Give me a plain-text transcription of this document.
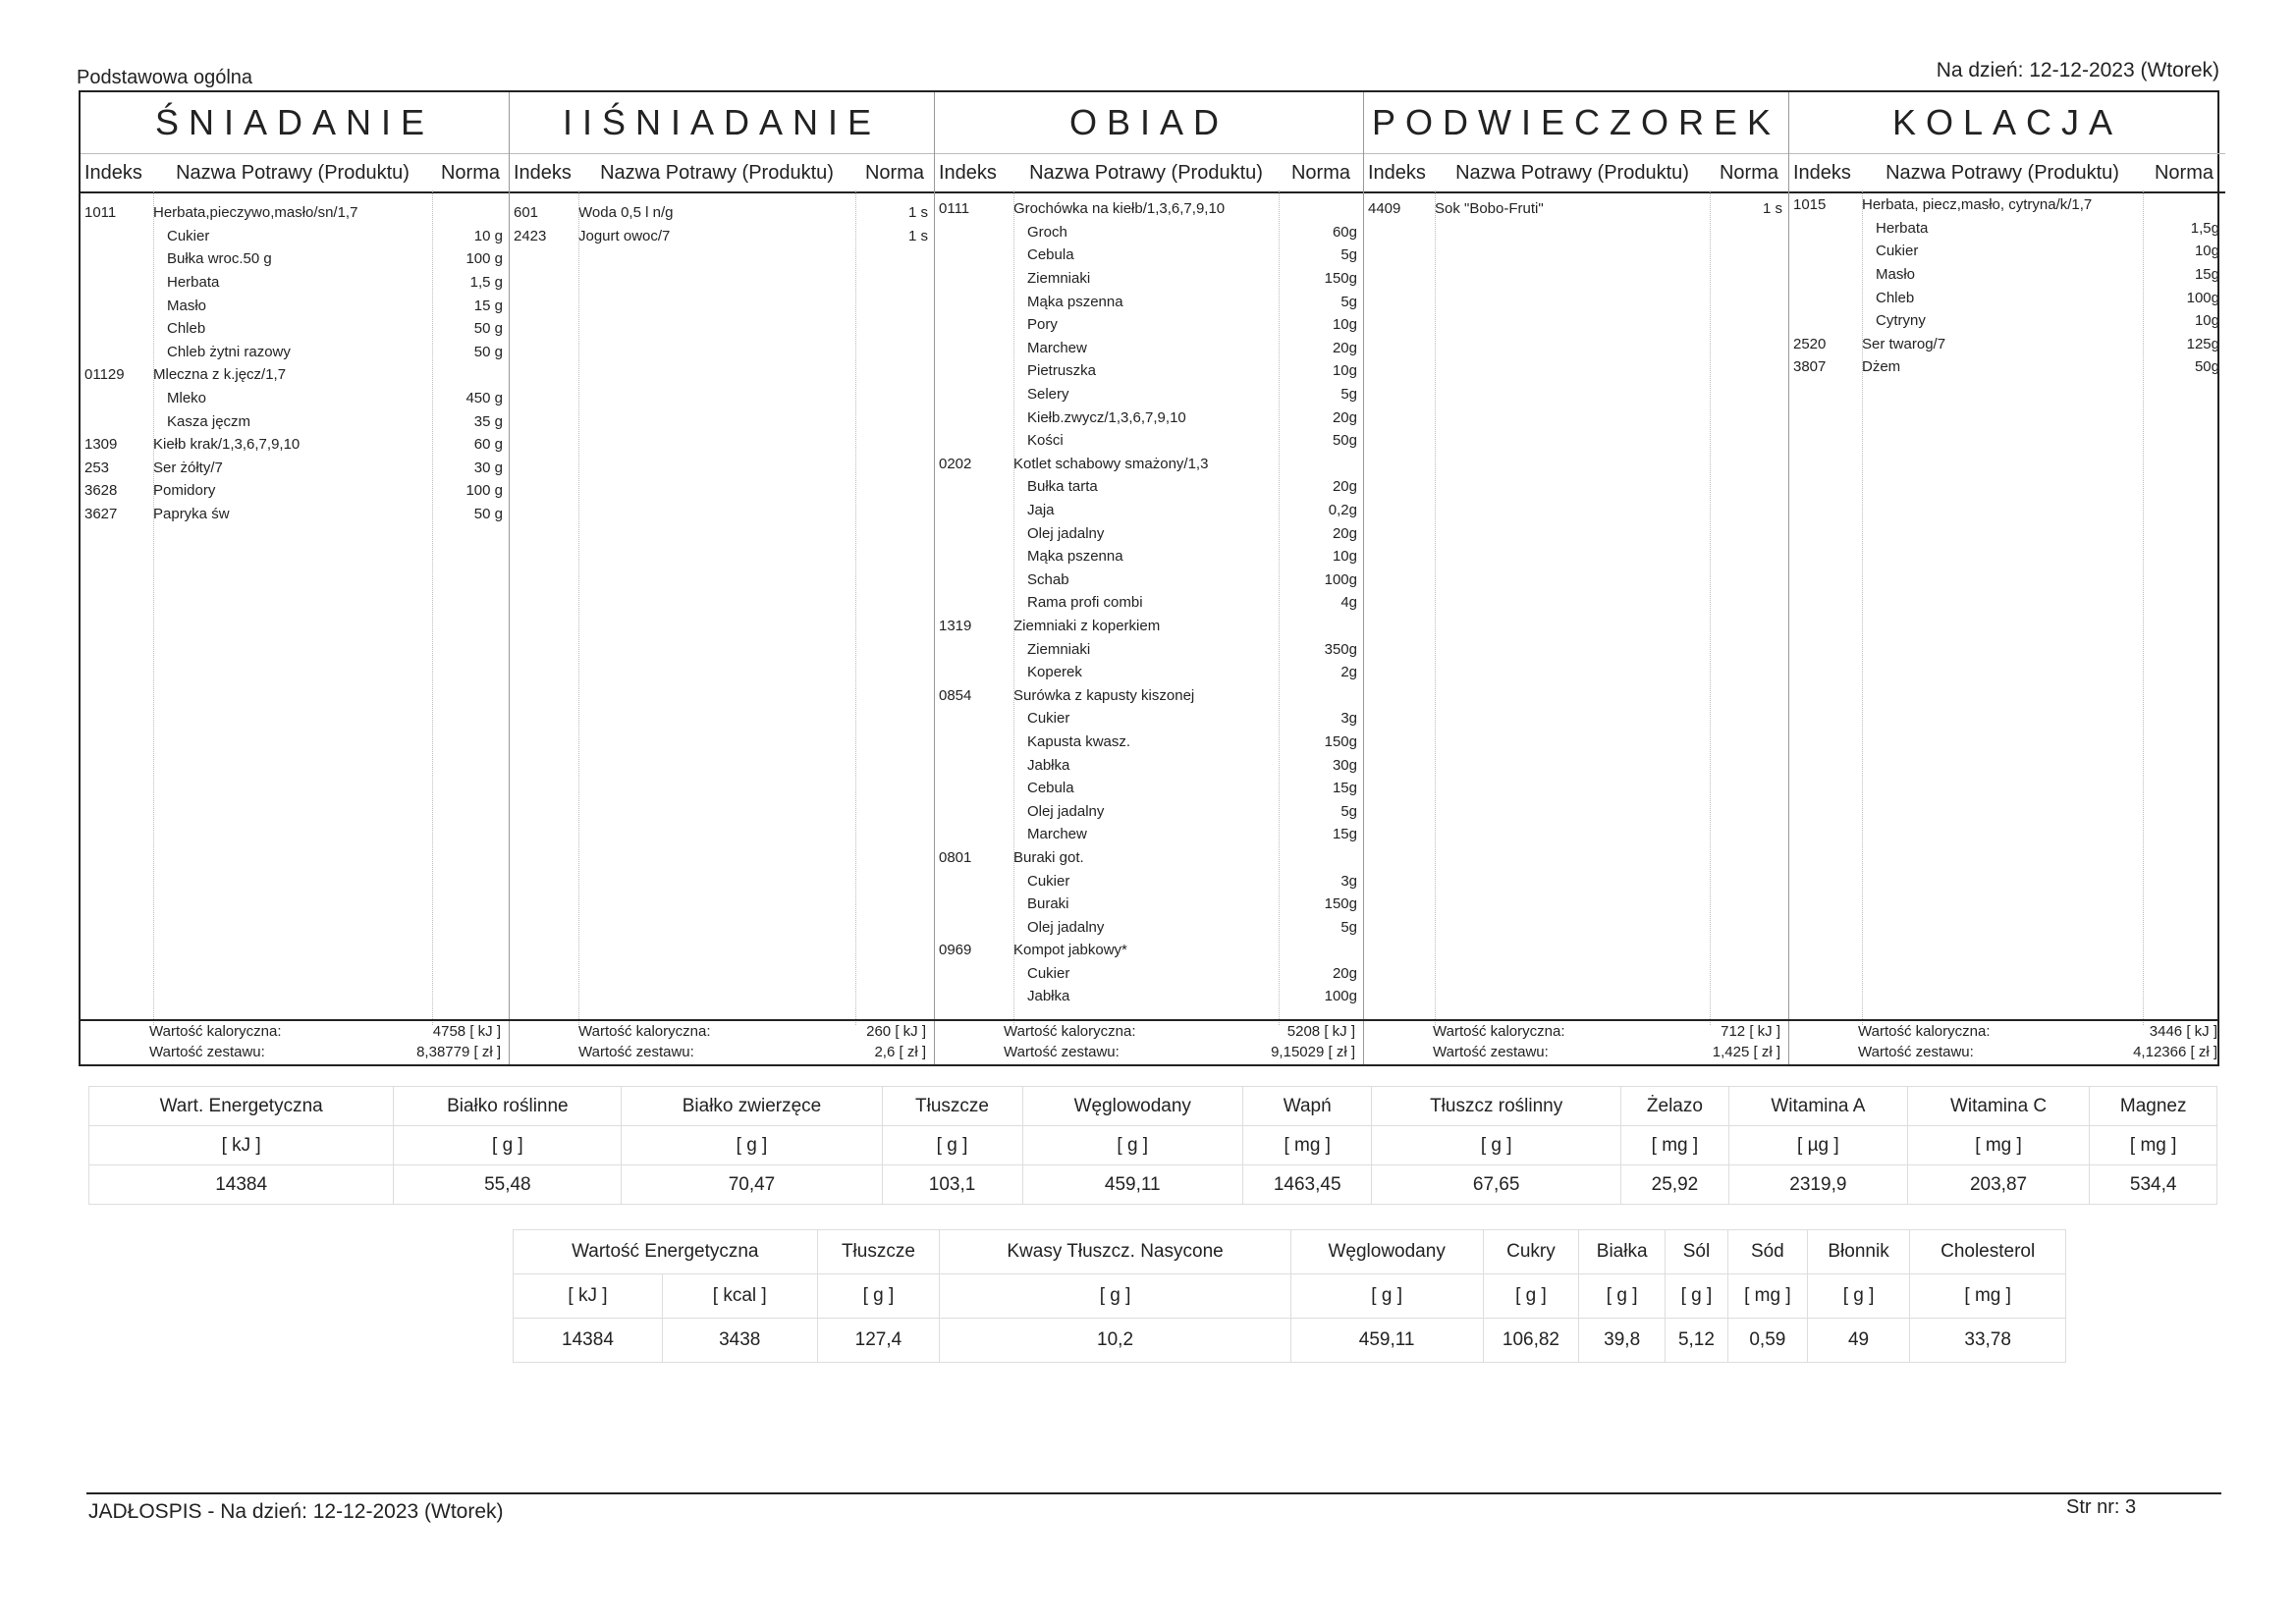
Podstawowa ogólna	Na dzień: 12-12-2023 (Wtorek)
ŚNIADANIE
Indeks	Nazwa Potrawy (Produktu)	Norma
1011	Herbata,pieczywo,masło/sn/1,7
Cukier	10 g
Bułka wroc.50 g	100 g
Herbata	1,5 g
Masło	15 g
Chleb	50 g
Chleb żytni razowy	50 g
01129	Mleczna z k.jęcz/1,7
Mleko	450 g
Kasza jęczm	35 g
1309	Kiełb krak/1,3,6,7,9,10	60 g
253	Ser żółty/7	30 g
3628	Pomidory	100 g
3627	Papryka św	50 g
IIŚNIADANIE
Indeks	Nazwa Potrawy (Produktu)	Norma
601	Woda 0,5 l n/g	1 s
2423	Jogurt owoc/7	1 s
OBIAD
Indeks	Nazwa Potrawy (Produktu)	Norma
0111	Grochówka na kiełb/1,3,6,7,9,10
Groch	60g
Cebula	5g
Ziemniaki	150g
Mąka pszenna	5g
Pory	10g
Marchew	20g
Pietruszka	10g
Selery	5g
Kiełb.zwycz/1,3,6,7,9,10	20g
Kości	50g
0202	Kotlet schabowy smażony/1,3
Bułka tarta	20g
Jaja	0,2g
Olej jadalny	20g
Mąka pszenna	10g
Schab	100g
Rama profi combi	4g
1319	Ziemniaki z koperkiem
Ziemniaki	350g
Koperek	2g
0854	Surówka z kapusty kiszonej
Cukier	3g
Kapusta kwasz.	150g
Jabłka	30g
Cebula	15g
Olej jadalny	5g
Marchew	15g
0801	Buraki got.
Cukier	3g
Buraki	150g
Olej jadalny	5g
0969	Kompot jabkowy*
Cukier	20g
Jabłka	100g
PODWIECZOREK
Indeks	Nazwa Potrawy (Produktu)	Norma
4409	Sok "Bobo-Fruti"	1 s
KOLACJA
Indeks	Nazwa Potrawy (Produktu)	Norma
1015	Herbata, piecz,masło, cytryna/k/1,7
Herbata	1,5g
Cukier	10g
Masło	15g
Chleb	100g
Cytryny	10g
2520	Ser twarog/7	125g
3807	Dżem	50g
Wartość kaloryczna:	4758 [ kJ ]
Wartość zestawu:	8,38779 [ zł ]
Wartość kaloryczna:	260 [ kJ ]
Wartość zestawu:	2,6 [ zł ]
Wartość kaloryczna:	5208 [ kJ ]
Wartość zestawu:	9,15029 [ zł ]
Wartość kaloryczna:	712 [ kJ ]
Wartość zestawu:	1,425 [ zł ]
Wartość kaloryczna:	3446 [ kJ ]
Wartość zestawu:	4,12366 [ zł ]
Wart. Energetyczna	Białko roślinne	Białko zwierzęce	Tłuszcze	Węglowodany	Wapń	Tłuszcz roślinny	Żelazo	Witamina A	Witamina C	Magnez
[ kJ ]	[ g ]	[ g ]	[ g ]	[ g ]	[ mg ]	[ g ]	[ mg ]	[ µg ]	[ mg ]	[ mg ]
14384	55,48	70,47	103,1	459,11	1463,45	67,65	25,92	2319,9	203,87	534,4
Wartość Energetyczna		Tłuszcze	Kwasy Tłuszcz. Nasycone	Węglowodany	Cukry	Białka	Sól	Sód	Błonnik	Cholesterol
[ kJ ]	[ kcal ]	[ g ]	[ g ]	[ g ]	[ g ]	[ g ]	[ g ]	[ mg ]	[ g ]	[ mg ]
14384	3438	127,4	10,2	459,11	106,82	39,8	5,12	0,59	49	33,78
JADŁOSPIS - Na dzień: 12-12-2023 (Wtorek)	Str nr: 3
